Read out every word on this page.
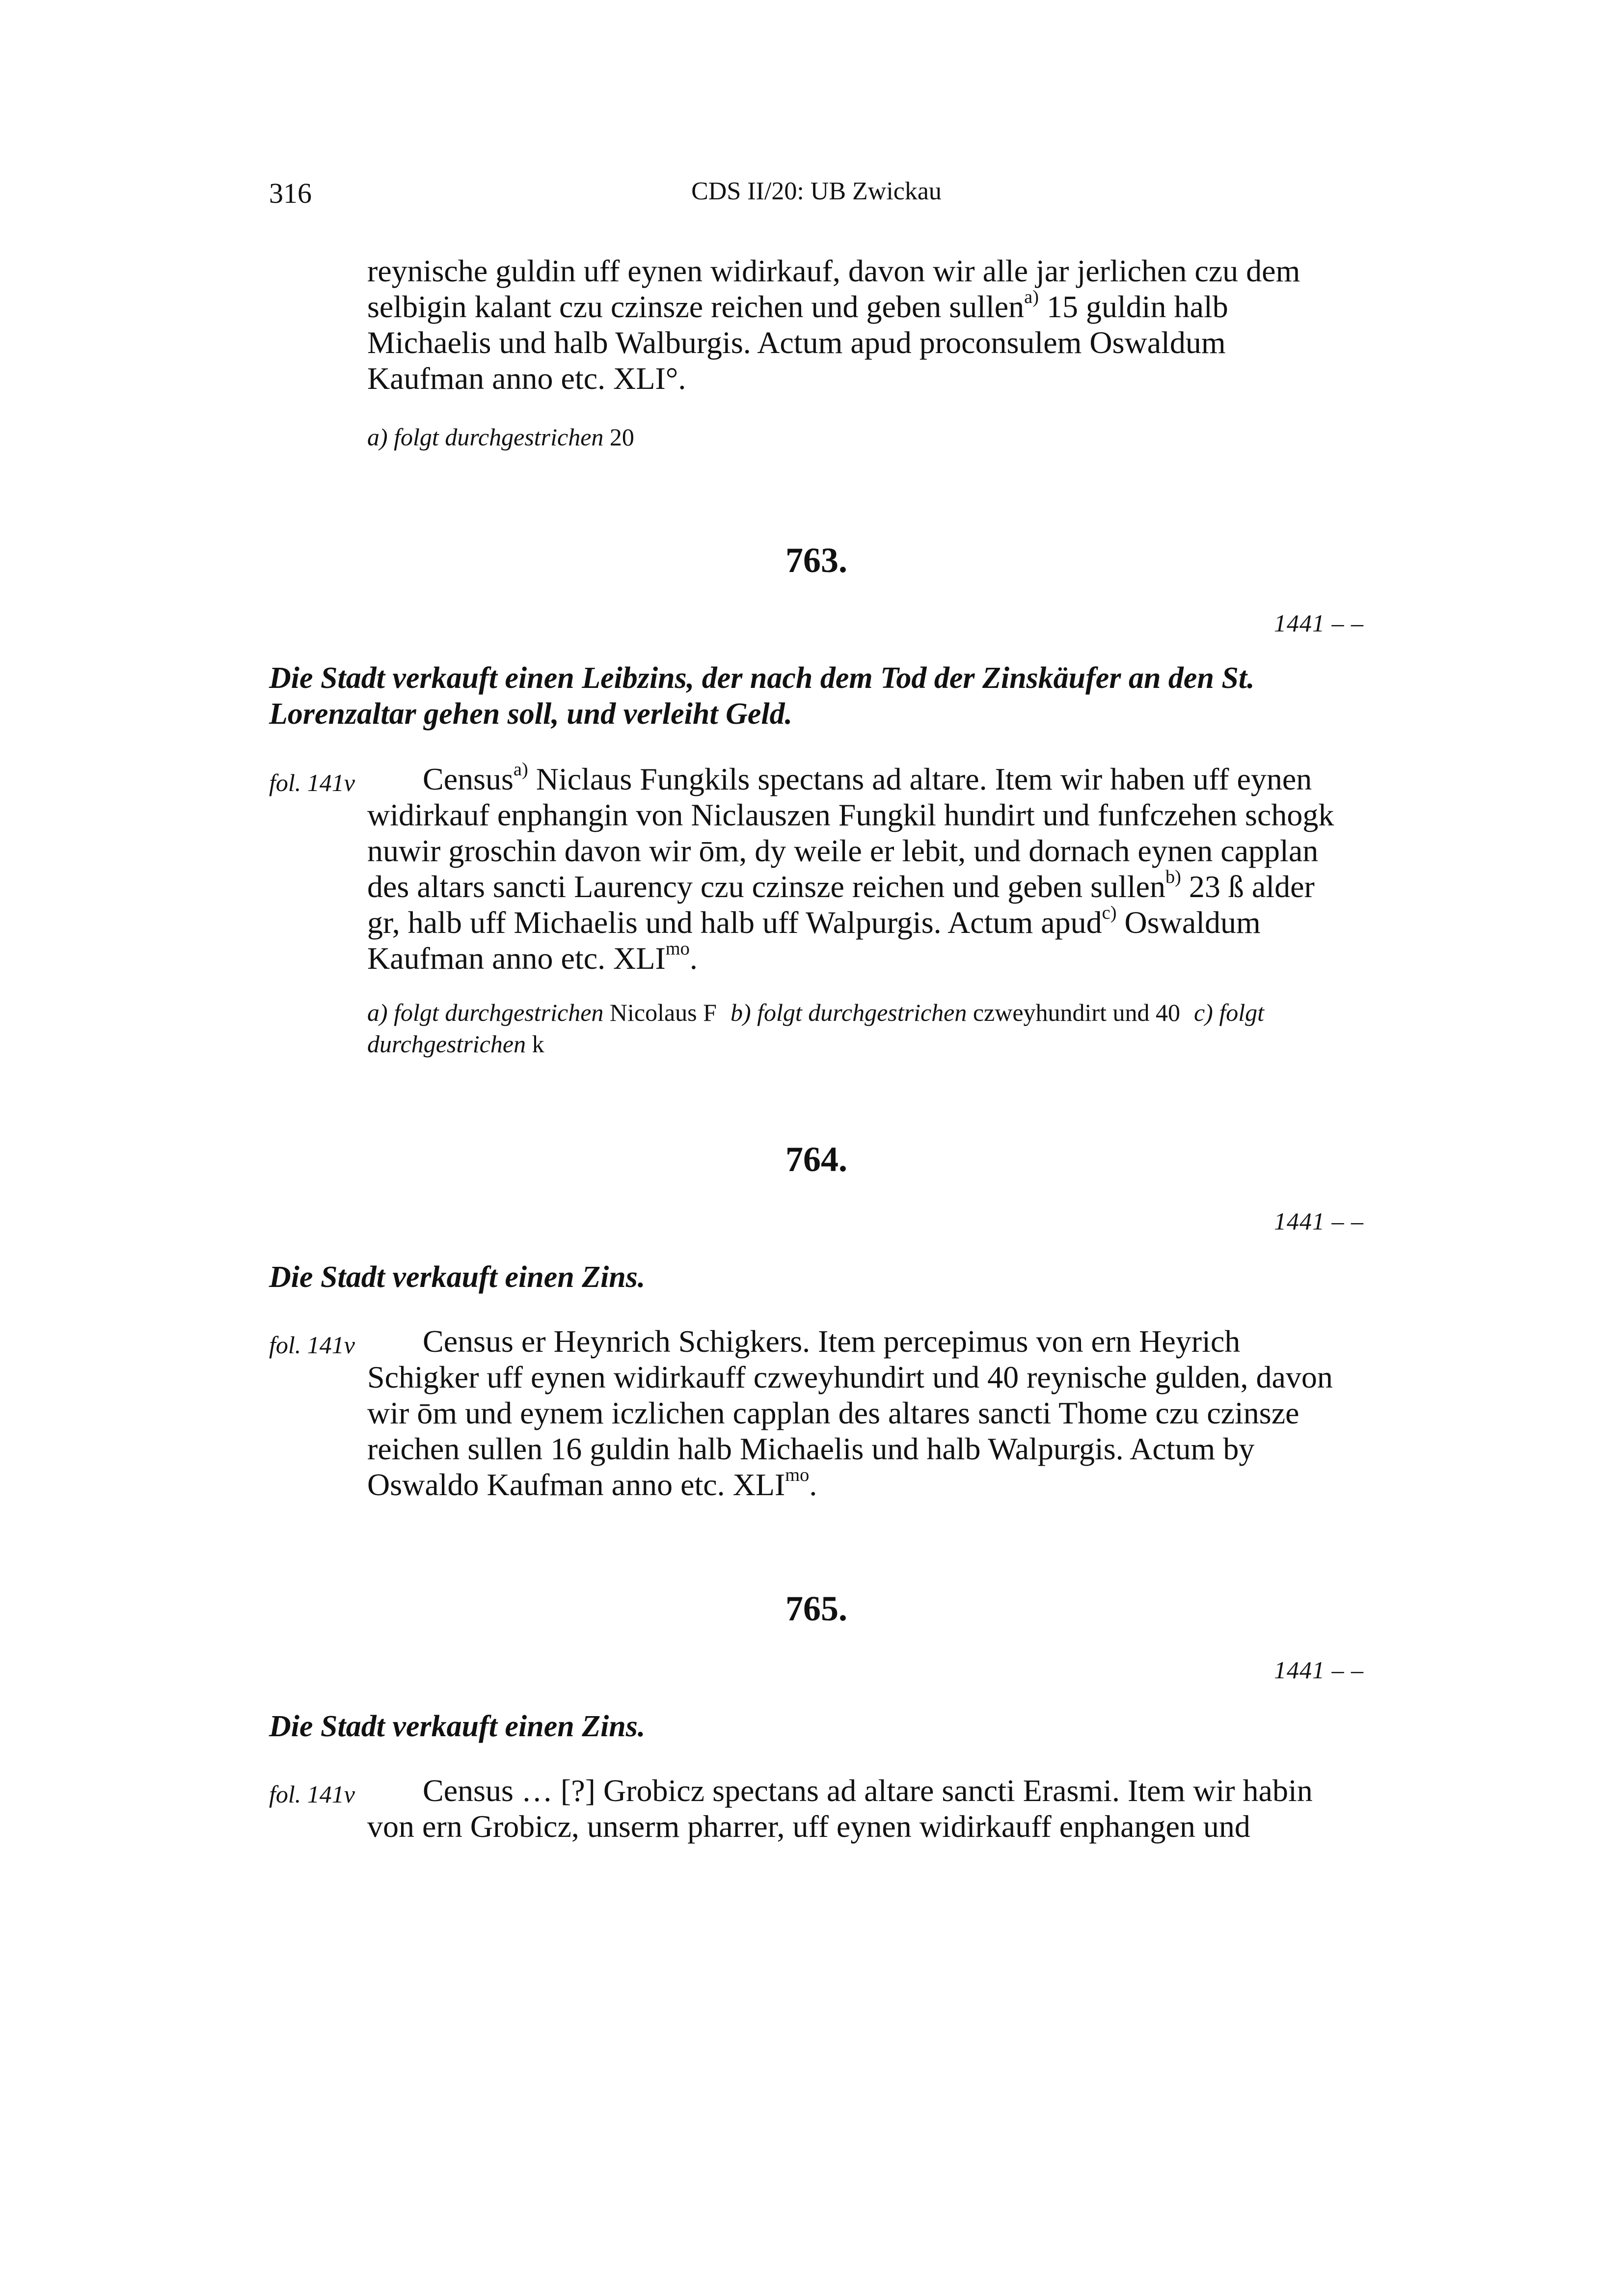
316	CDS II/20: UB Zwickau

reynische guldin uff eynen widirkauf, davon wir alle jar jerlichen czu dem

selbigin kalant czu czinsze reichen und geben sullen$^{a)}$ 15 guldin halb

Michaelis und halb Walburgis. Actum apud proconsulem Oswaldum

Kaufman anno etc. XLI°.

a) folgt durchgestrichen 20

763.
1441 – –
Die Stadt verkauft einen Leibzins, der nach dem Tod der Zinskäufer an den St.
Lorenzaltar gehen soll, und verleiht Geld.
fol. 141v	Census$^{a)}$ Niclaus Fungkils spectans ad altare. Item wir haben uff eynen

widirkauf enphangin von Niclauszen Fungkil hundirt und funfczehen schogk

nuwir groschin davon wir ōm, dy weile er lebit, und dornach eynen capplan

des altars sancti Laurency czu czinsze reichen und geben sullen$^{b)}$ 23 ß alder

gr, halb uff Michaelis und halb uff Walpurgis. Actum apud$^{c)}$ Oswaldum

Kaufman anno etc. $XLI^{mo}$.

a) folgt durchgestrichen Nicolaus F b) folgt durchgestrichen czweyhundirt und 40 c) folgt

durchgestrichen k

764.
1441 – –
Die Stadt verkauft einen Zins.
fol. 141v	Census er Heynrich Schigkers. Item percepimus von ern Heyrich

Schigker uff eynen widirkauff czweyhundirt und 40 reynische gulden, davon

wir ōm und eynem iczlichen capplan des altares sancti Thome czu czinsze

reichen sullen 16 guldin halb Michaelis und halb Walpurgis. Actum by

Oswaldo Kaufman anno etc. $XLI^{mo}$.

765.
1441 – –
Die Stadt verkauft einen Zins.
fol. 141v	Census … [?] Grobicz spectans ad altare sancti Erasmi. Item wir habin

von ern Grobicz, unserm pharrer, uff eynen widirkauff enphangen und
